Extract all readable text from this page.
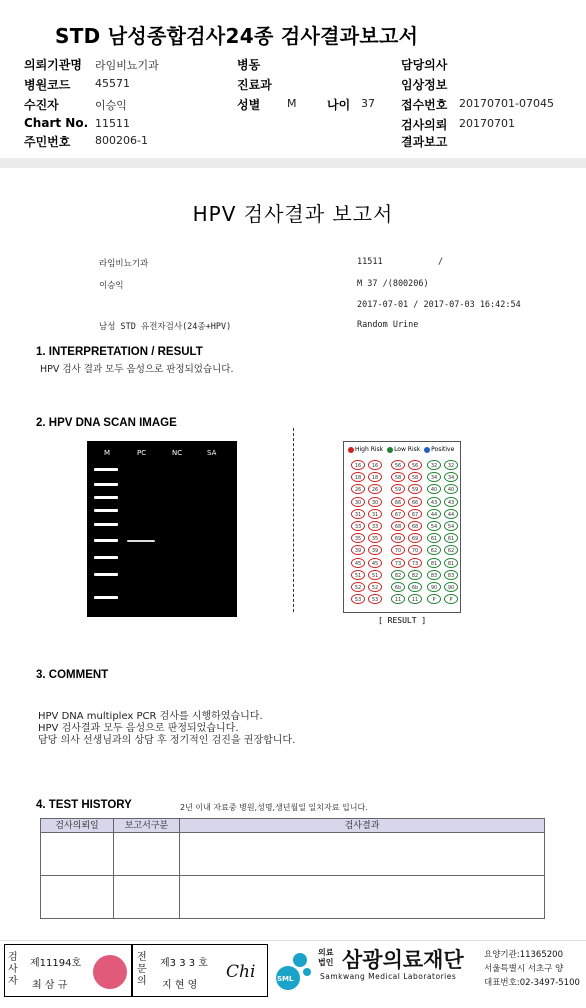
STD 남성종합검사24종 검사결과보고서
의뢰기관명 라임비뇨기과
병원코드 45571
수진자	이승익
Chart No. 11511
주민번호 800206-1
병동
진료과
성별 M	나이 37
담당의사
임상정보
접수번호 20170701-07045
검사의뢰 20170701
결과보고
HPV 검사결과 보고서
라임비뇨기과
이승익
남성 STD 유전자검사(24종+HPV)
11511	/
M 37 /(800206)
2017-07-01 / 2017-07-03 16:42:54
Random Urine
1. INTERPRETATION / RESULT
HPV 검사 결과 모두 음성으로 판정되었습니다.
2. HPV DNA SCAN IMAGE
M	PC	NC	SA	High Risk Low Risk Positive
16	16	56	56	32	32
18	18	58	58	34	34
26	26	59	59	40	40
30	30	66	66	43	43
31	31	67	67	44	44
33	33	68	68	54	54
35	35	69	69	61	61
39	39	70	70	62	62
45	45	73	73	81	81
51	51	82	82	83	83
52	52	6b	6b	90	90
53	53	11	11	P	P
[ RESULT ]
3. COMMENT
HPV DNA multiplex PCR 검사를 시행하였습니다.
HPV 검사결과 모두 음성으로 판정되었습니다.
담당 의사 선생님과의 상담 후 정기적인 검진을 권장합니다.
4. TEST HISTORY	2년 이내 자료중 병원,성명,생년월일 일치자료 입니다.
검사의뢰일	보고서구분	검사결과
검사자
제11194호
최 삼 규
전문의
제3 3 3 호
지 현 영
Chi	SML
의료 법인 삼광의료재단
Samkwang Medical Laboratories
요양기관:11365200
서울특별시 서초구 양
대표번호:02-3497-5100
